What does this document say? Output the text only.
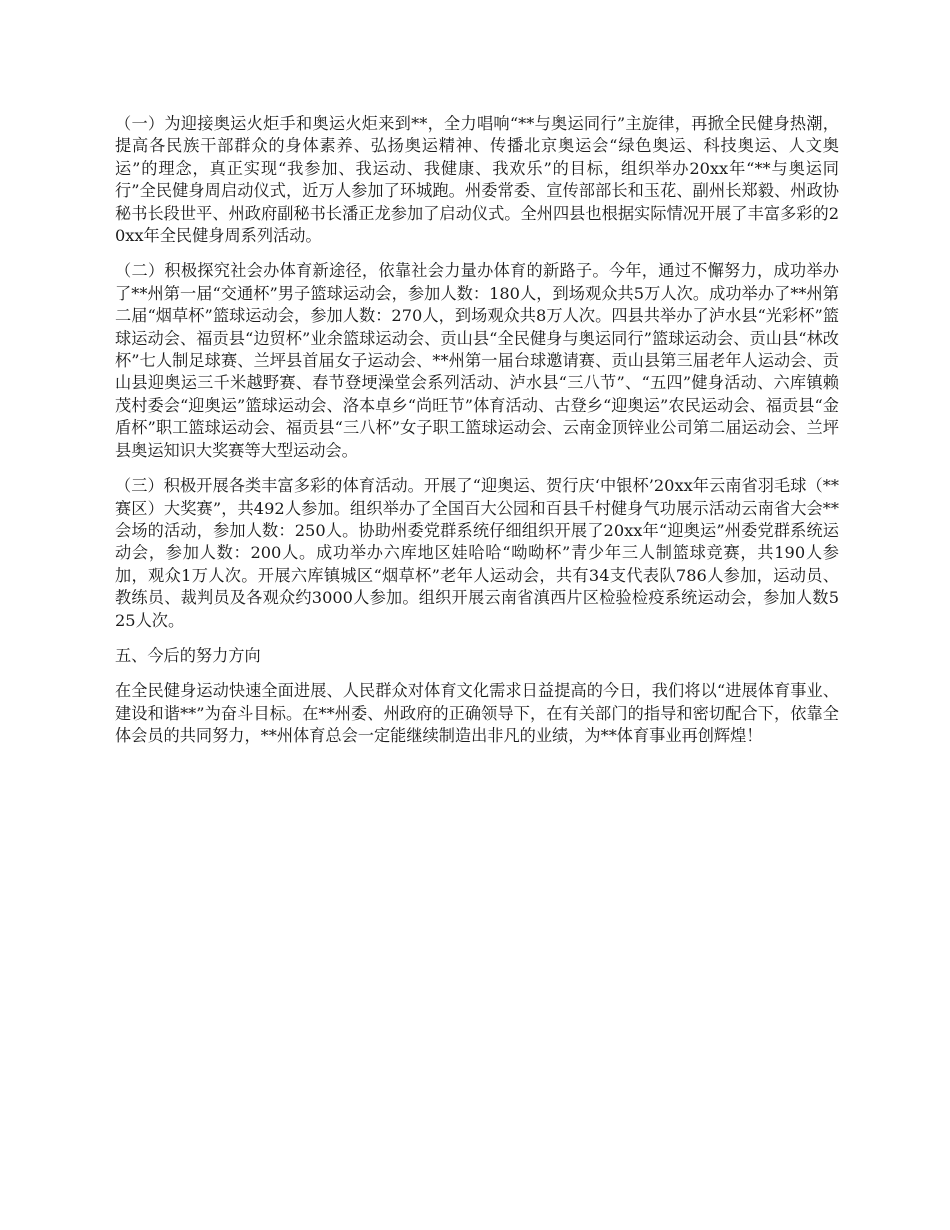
（一）为迎接奥运火炬手和奥运火炬来到**，全力唱响“**与奥运同行”主旋律，再掀全民健身热潮，提高各民族干部群众的身体素养、弘扬奥运精神、传播北京奥运会“绿色奥运、科技奥运、人文奥运”的理念，真正实现“我参加、我运动、我健康、我欢乐”的目标，组织举办20xx年“**与奥运同行”全民健身周启动仪式，近万人参加了环城跑。州委常委、宣传部部长和玉花、副州长郑毅、州政协秘书长段世平、州政府副秘书长潘正龙参加了启动仪式。全州四县也根据实际情况开展了丰富多彩的20xx年全民健身周系列活动。

（二）积极探究社会办体育新途径，依靠社会力量办体育的新路子。今年，通过不懈努力，成功举办了**州第一届“交通杯”男子篮球运动会，参加人数：180人，到场观众共5万人次。成功举办了**州第二届“烟草杯”篮球运动会，参加人数：270人，到场观众共8万人次。四县共举办了泸水县“光彩杯”篮球运动会、福贡县“边贸杯”业余篮球运动会、贡山县“全民健身与奥运同行”篮球运动会、贡山县“林改杯”七人制足球赛、兰坪县首届女子运动会、**州第一届台球邀请赛、贡山县第三届老年人运动会、贡山县迎奥运三千米越野赛、春节登埂澡堂会系列活动、泸水县“三八节”、“五四”健身活动、六库镇赖茂村委会“迎奥运”篮球运动会、洛本卓乡“尚旺节”体育活动、古登乡“迎奥运”农民运动会、福贡县“金盾杯”职工篮球运动会、福贡县“三八杯”女子职工篮球运动会、云南金顶锌业公司第二届运动会、兰坪县奥运知识大奖赛等大型运动会。

（三）积极开展各类丰富多彩的体育活动。开展了“迎奥运、贺行庆‘中银杯’20xx年云南省羽毛球（**赛区）大奖赛”，共492人参加。组织举办了全国百大公园和百县千村健身气功展示活动云南省大会**会场的活动，参加人数：250人。协助州委党群系统仔细组织开展了20xx年“迎奥运”州委党群系统运动会，参加人数：200人。成功举办六库地区娃哈哈“呦呦杯”青少年三人制篮球竞赛，共190人参加，观众1万人次。开展六库镇城区“烟草杯”老年人运动会，共有34支代表队786人参加，运动员、教练员、裁判员及各观众约3000人参加。组织开展云南省滇西片区检验检疫系统运动会，参加人数525人次。

五、今后的努力方向

在全民健身运动快速全面进展、人民群众对体育文化需求日益提高的今日，我们将以“进展体育事业、建设和谐**”为奋斗目标。在**州委、州政府的正确领导下，在有关部门的指导和密切配合下，依靠全体会员的共同努力，**州体育总会一定能继续制造出非凡的业绩，为**体育事业再创辉煌！
